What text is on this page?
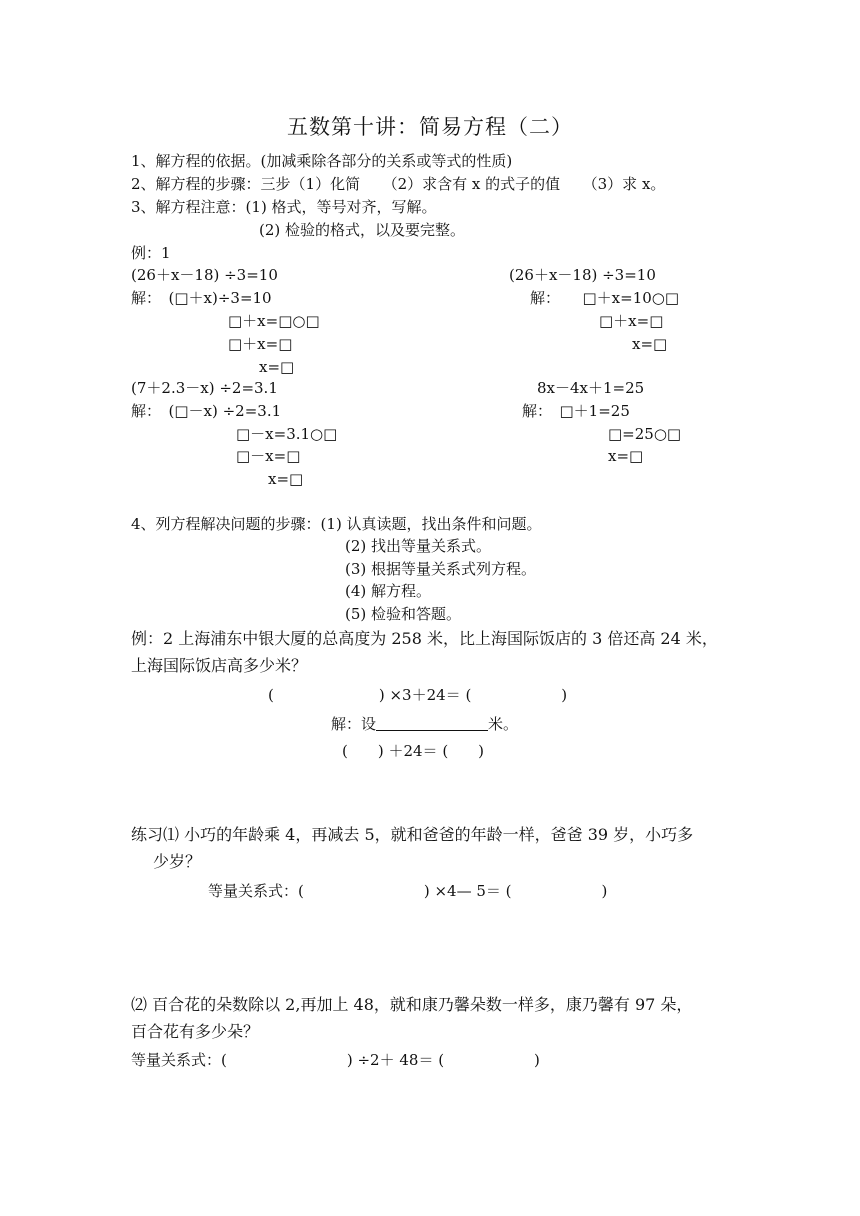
五数第十讲：简易方程（二）
1、解方程的依据。(加减乘除各部分的关系或等式的性质)
2、解方程的步骤：三步（1）化简　　（2）求含有 x 的式子的值　　（3）求 x。
3、解方程注意：(1) 格式，等号对齐，写解。
(2) 检验的格式，以及要完整。
例：1
(26＋x－18) ÷3=10
解：　(□＋x)÷3=10
□＋x=□○□
□＋x=□
x=□
(26＋x－18) ÷3=10
解：　　□＋x=10○□
□＋x=□
x=□
(7＋2.3－x) ÷2=3.1
解：　(□－x) ÷2=3.1
□－x=3.1○□
□－x=□
x=□
8x－4x＋1=25
解：　□＋1=25
□=25○□
x=□
4、列方程解决问题的步骤：(1) 认真读题，找出条件和问题。
(2) 找出等量关系式。
(3) 根据等量关系式列方程。
(4) 解方程。
(5) 检验和答题。
例：2 上海浦东中银大厦的总高度为 258 米，比上海国际饭店的 3 倍还高 24 米，
上海国际饭店高多少米？
(　　　　　　　) ×3＋24＝ (　　　　　　)
解：设	米。
(　　) ＋24＝ (　　)
练习⑴ 小巧的年龄乘 4，再减去 5，就和爸爸的年龄一样，爸爸 39 岁，小巧多
少岁？
等量关系式：(　　　　　　　　) ×4— 5＝ (　　　　　　)
⑵ 百合花的朵数除以 2,再加上 48，就和康乃馨朵数一样多，康乃馨有 97 朵，
百合花有多少朵？
等量关系式：(　　　　　　　　) ÷2＋ 48＝ (　　　　　　)
